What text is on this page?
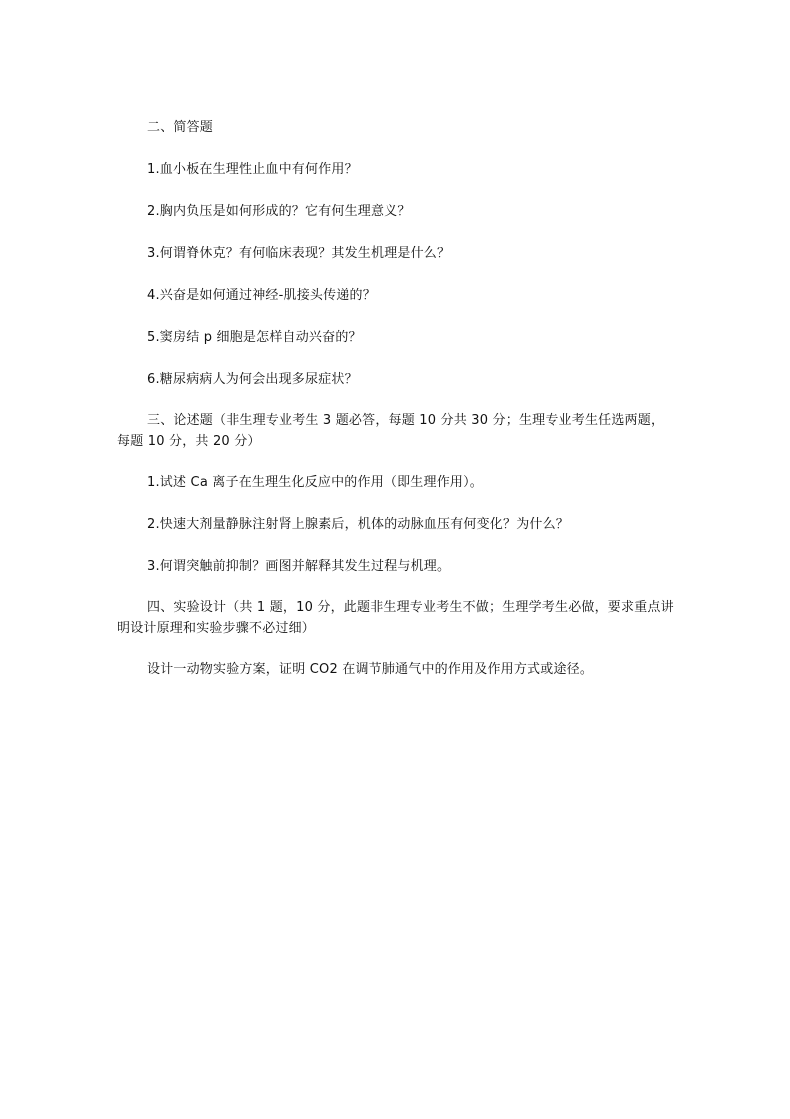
二、简答题

1.血小板在生理性止血中有何作用？

2.胸内负压是如何形成的？它有何生理意义？

3.何谓脊休克？有何临床表现？其发生机理是什么？

4.兴奋是如何通过神经-肌接头传递的？

5.窦房结 p 细胞是怎样自动兴奋的？

6.糖尿病病人为何会出现多尿症状？

三、论述题（非生理专业考生 3 题必答，每题 10 分共 30 分；生理专业考生任选两题，每题 10 分，共 20 分）

1.试述 Ca 离子在生理生化反应中的作用（即生理作用）。

2.快速大剂量静脉注射肾上腺素后，机体的动脉血压有何变化？为什么？

3.何谓突触前抑制？画图并解释其发生过程与机理。

四、实验设计（共 1 题，10 分，此题非生理专业考生不做；生理学考生必做，要求重点讲明设计原理和实验步骤不必过细）

设计一动物实验方案，证明 CO2 在调节肺通气中的作用及作用方式或途径。
